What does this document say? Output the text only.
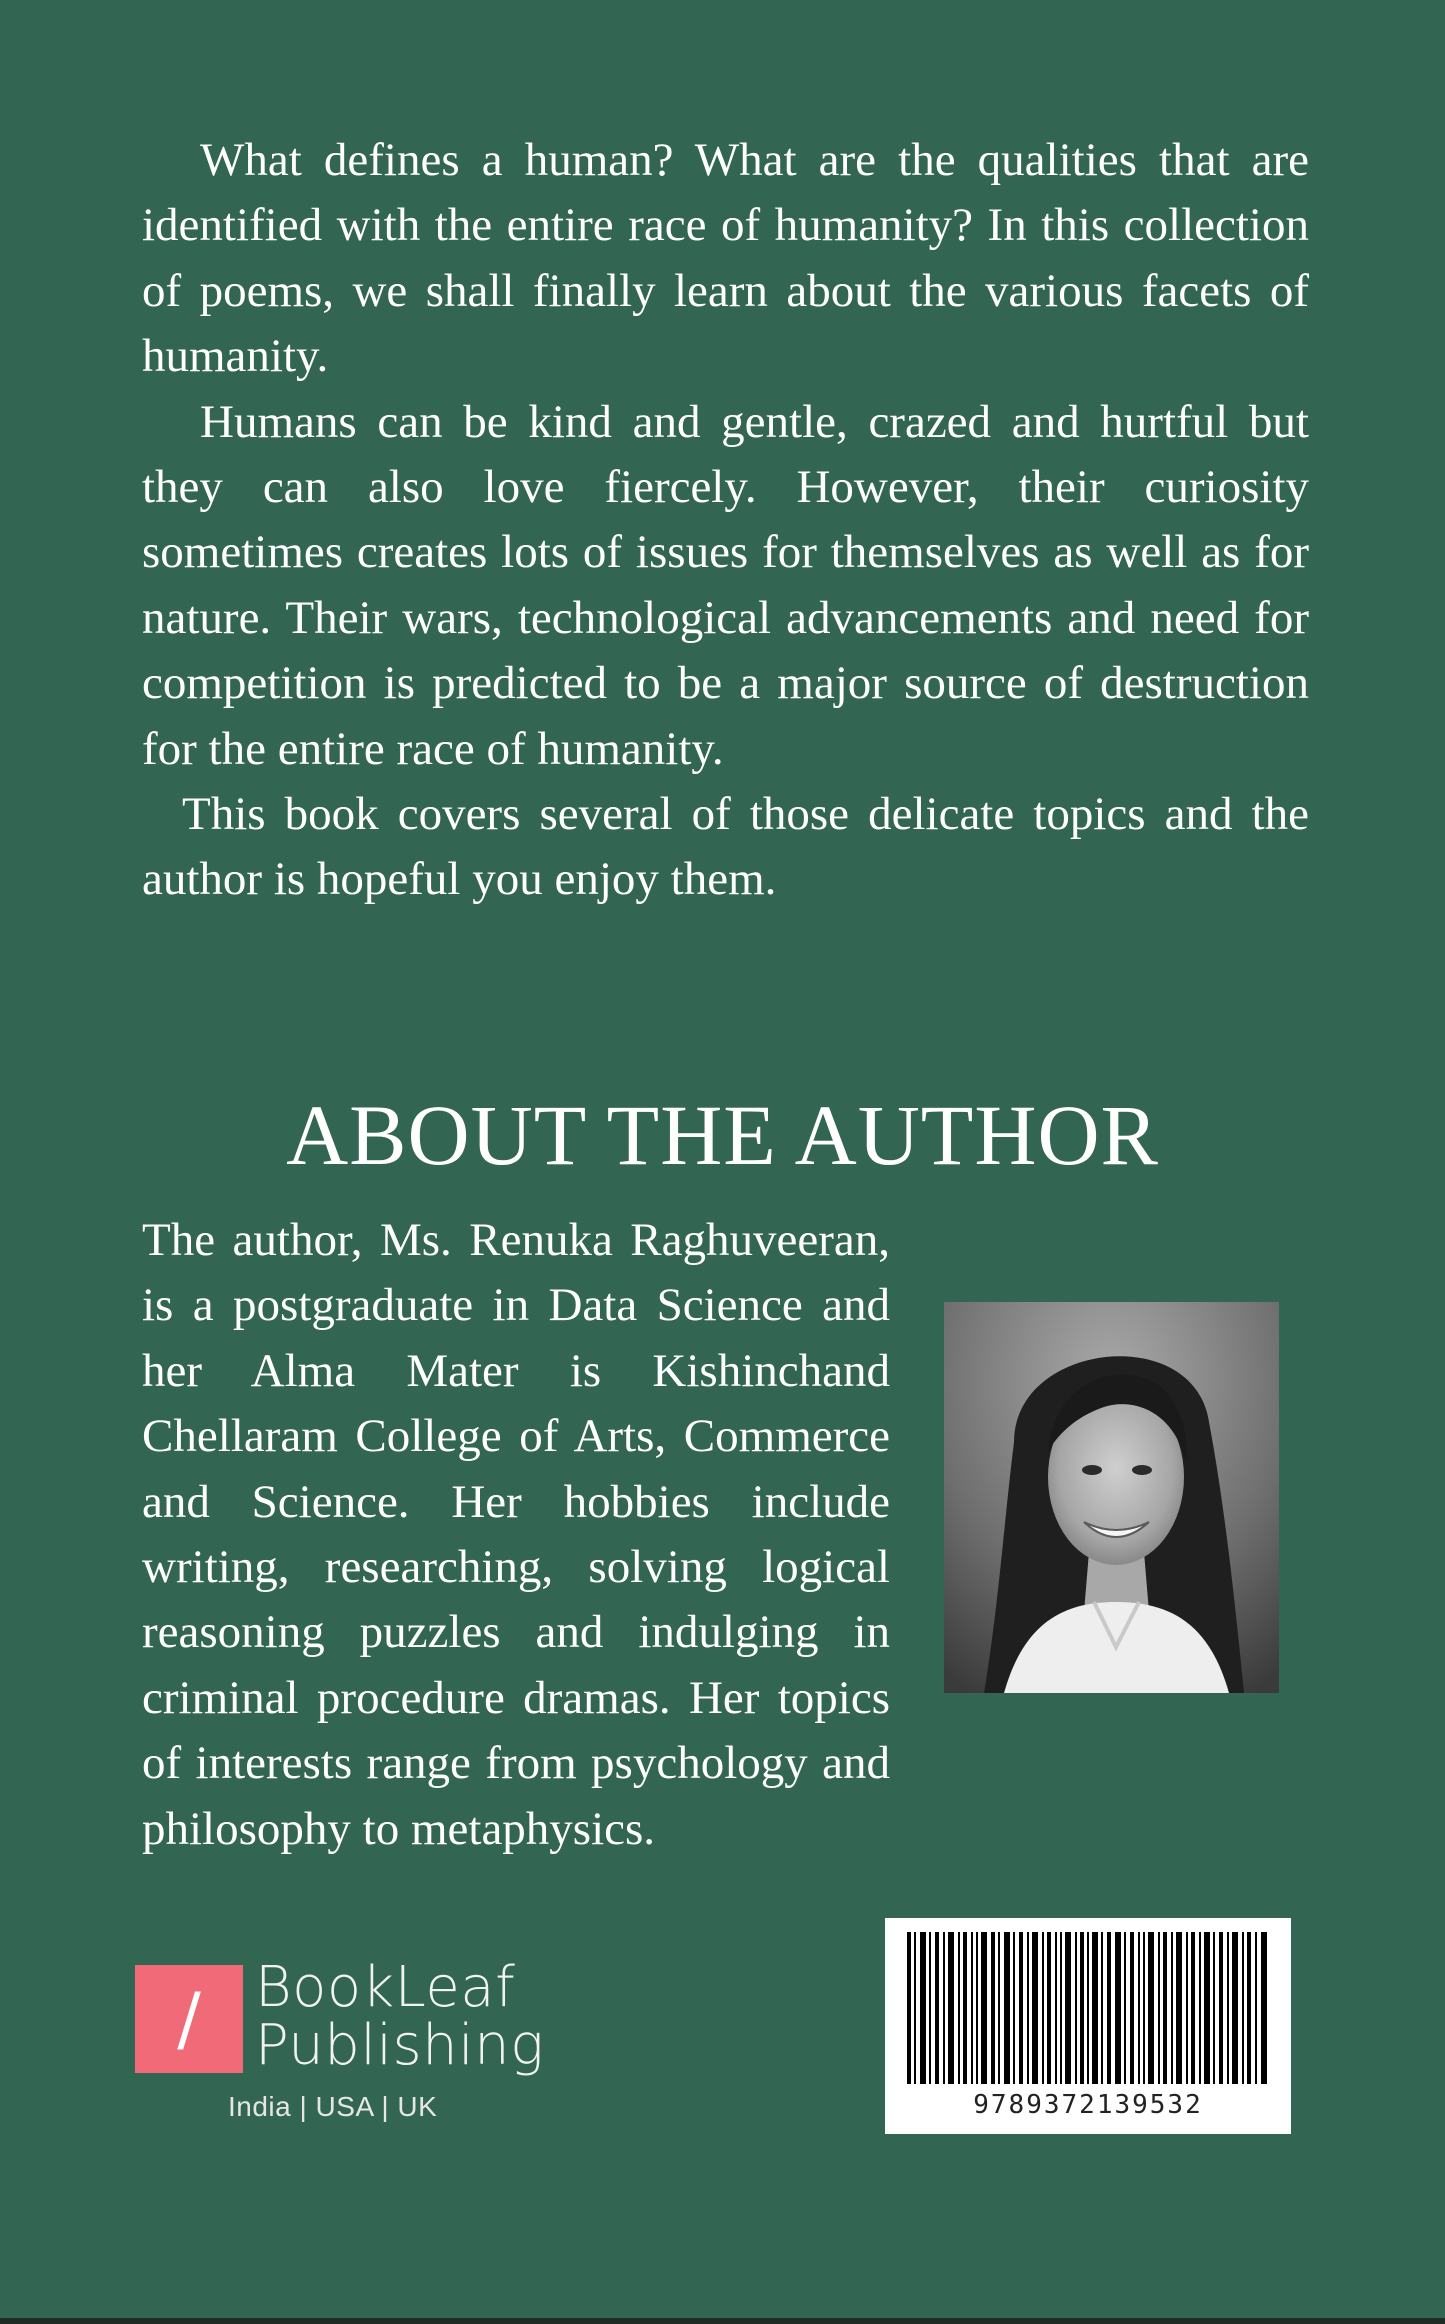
What defines a human? What are the qualities that are identified with the entire race of humanity? In this collection of poems, we shall finally learn about the various facets of humanity.

Humans can be kind and gentle, crazed and hurtful but they can also love fiercely. However, their curiosity sometimes creates lots of issues for themselves as well as for nature. Their wars, technological advancements and need for competition is predicted to be a major source of destruction for the entire race of humanity.

This book covers several of those delicate topics and the author is hopeful you enjoy them.

ABOUT THE AUTHOR

The author, Ms. Renuka Raghuveeran, is a postgraduate in Data Science and her Alma Mater is Kishinchand Chellaram College of Arts, Commerce and Science. Her hobbies include writing, researching, solving logical reasoning puzzles and indulging in criminal procedure dramas. Her topics of interests range from psychology and philosophy to metaphysics.

9789372139532
/ BookLeaf
Publishing
India | USA | UK
